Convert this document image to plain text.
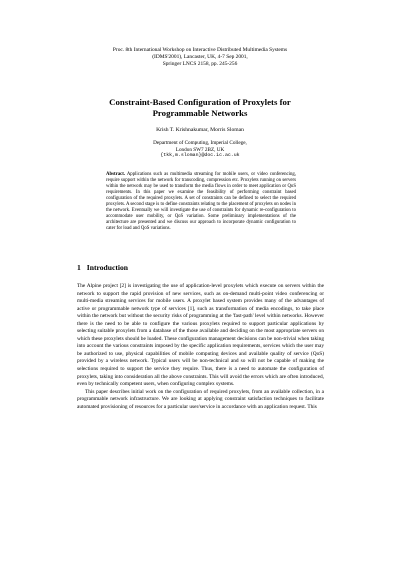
Proc. 8th International Workshop on Interactive Distributed Multimedia Systems
(IDMS'2001), Lancaster, UK, 4-7 Sep 2001,
Springer LNCS 2158, pp. 245-256
Constraint-Based Configuration of Proxylets for
Programmable Networks
Krish T. Krishnakumar, Morris Sloman
Department of Computing, Imperial College,
London SW7 2BZ, UK
{tkk,m.sloman}@doc.ic.ac.uk
Abstract. Applications such as multimedia streaming for mobile users, or video conferencing, require support within the network for transcoding, compression etc. Proxylets running on servers within the network may be used to transform the media flows in order to meet application or QoS requirements. In this paper we examine the feasibility of performing constraint based configuration of the required proxylets. A set of constraints can be defined to select the required proxylets. A second stage is to define constraints relating to the placement of proxylets on nodes in the network. Eventually we will investigate the use of constraints for dynamic re-configuration to accommodate user mobility, or QoS variation. Some preliminary implementations of the architecture are presented and we discuss our approach to incorporate dynamic configuration to cater for load and QoS variations.
1 Introduction

The Alpine project [2] is investigating the use of application-level proxylets which execute on servers within the network to support the rapid provision of new services, such as on-demand multi-point video conferencing or multi-media streaming services for mobile users. A proxylet based system provides many of the advantages of active or programmable network type of services [1], such as transformation of media encodings, to take place within the network but without the security risks of programming at the 'fast-path' level within networks. However there is the need to be able to configure the various proxylets required to support particular applications by selecting suitable proxylets from a database of the those available and deciding on the most appropriate servers on which these proxylets should be loaded. These configuration management decisions can be non-trivial when taking into account the various constraints imposed by the specific application requirements, services which the user may be authorized to use, physical capabilities of mobile computing devices and available quality of service (QoS) provided by a wireless network. Typical users will be non-technical and so will not be capable of making the selections required to support the service they require. Thus, there is a need to automate the configuration of proxylets, taking into consideration all the above constraints. This will avoid the errors which are often introduced, even by technically competent users, when configuring complex systems.

This paper describes initial work on the configuration of required proxylets, from an available collection, in a programmable network infrastructure. We are looking at applying constraint satisfaction techniques to facilitate automated provisioning of resources for a particular user/service in accordance with an application request. This
